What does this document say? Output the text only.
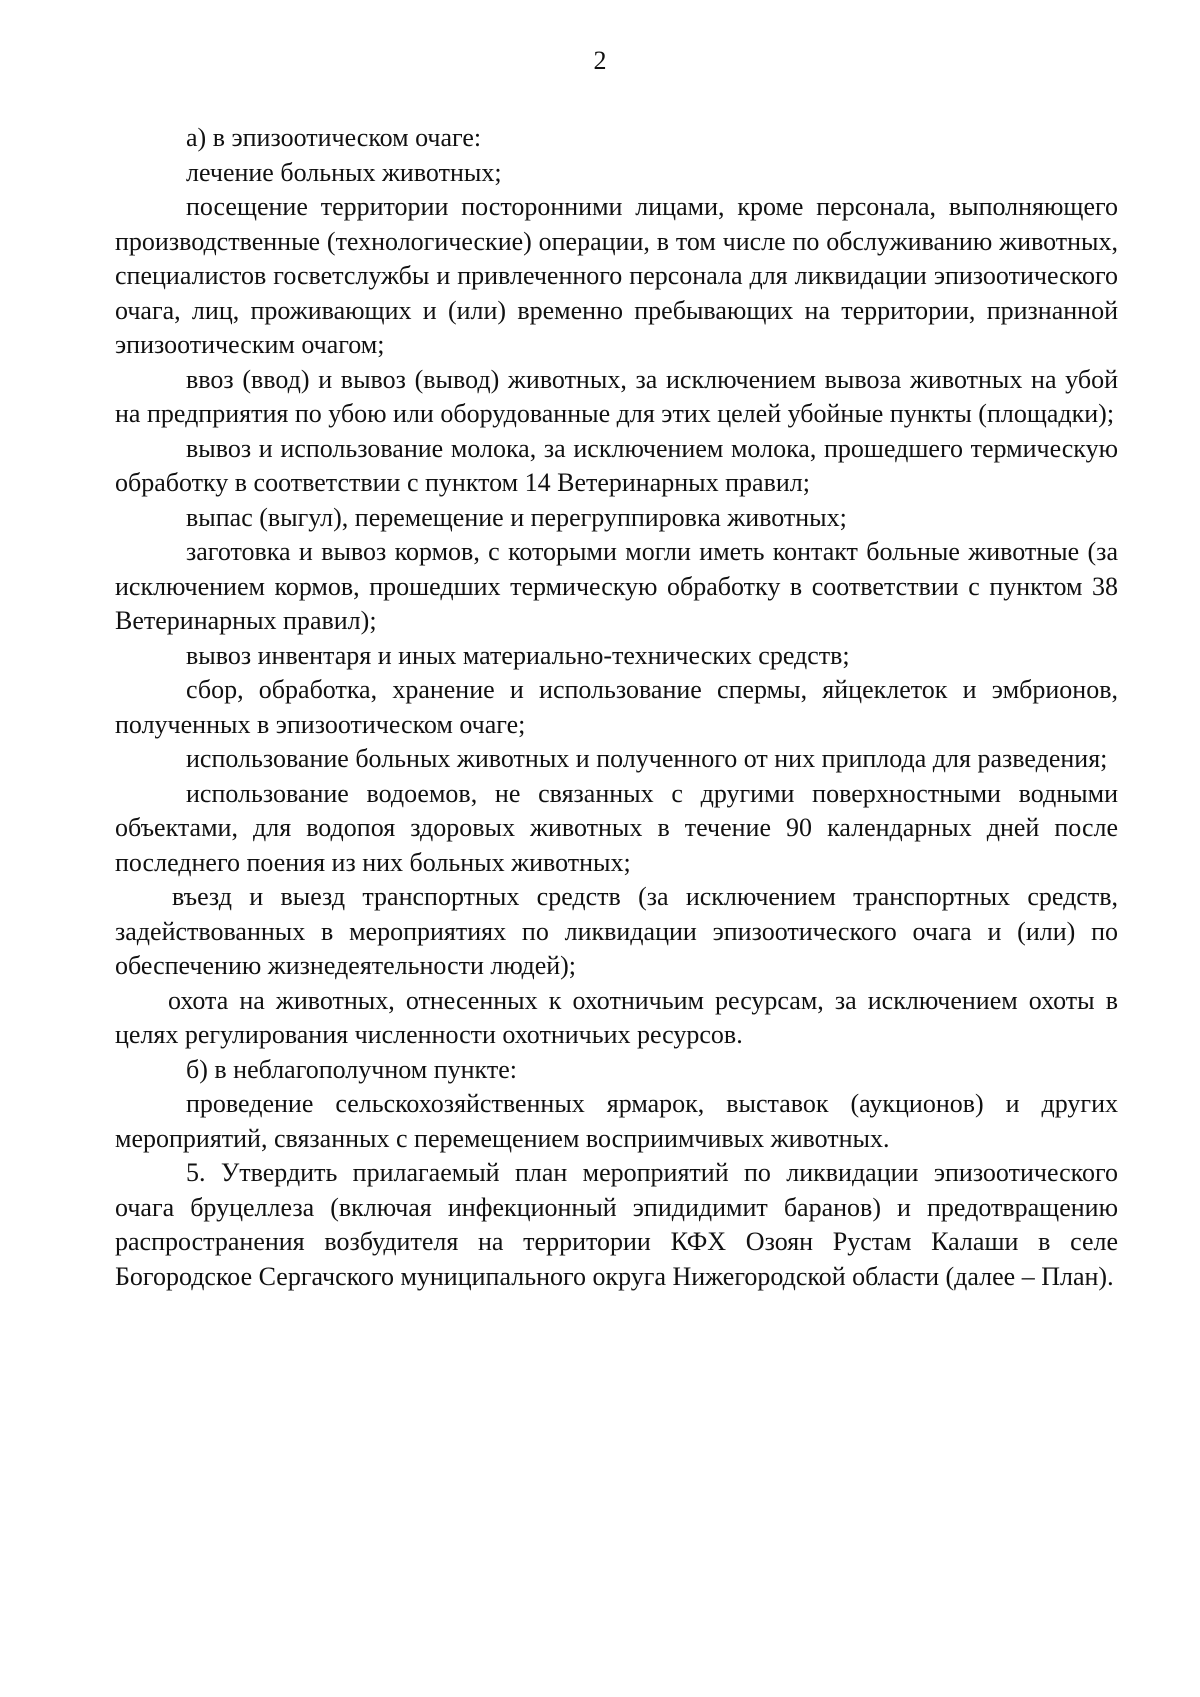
2

а) в эпизоотическом очаге:

лечение больных животных;

посещение территории посторонними лицами, кроме персонала, выполняющего производственные (технологические) операции, в том числе по обслуживанию животных, специалистов госветслужбы и привлеченного персонала для ликвидации эпизоотического очага, лиц, проживающих и (или) временно пребывающих на территории, признанной эпизоотическим очагом;

ввоз (ввод) и вывоз (вывод) животных, за исключением вывоза животных на убой на предприятия по убою или оборудованные для этих целей убойные пункты (площадки);

вывоз и использование молока, за исключением молока, прошедшего термическую обработку в соответствии с пунктом 14 Ветеринарных правил;

выпас (выгул), перемещение и перегруппировка животных;

заготовка и вывоз кормов, с которыми могли иметь контакт больные животные (за исключением кормов, прошедших термическую обработку в соответствии с пунктом 38 Ветеринарных правил);

вывоз инвентаря и иных материально-технических средств;

сбор, обработка, хранение и использование спермы, яйцеклеток и эмбрионов, полученных в эпизоотическом очаге;

использование больных животных и полученного от них приплода для разведения;

использование водоемов, не связанных с другими поверхностными водными объектами, для водопоя здоровых животных в течение 90 календарных дней после последнего поения из них больных животных;

въезд и выезд транспортных средств (за исключением транспортных средств, задействованных в мероприятиях по ликвидации эпизоотического очага и (или) по обеспечению жизнедеятельности людей);

охота на животных, отнесенных к охотничьим ресурсам, за исключением охоты в целях регулирования численности охотничьих ресурсов.

б) в неблагополучном пункте:

проведение сельскохозяйственных ярмарок, выставок (аукционов) и других мероприятий, связанных с перемещением восприимчивых животных.

5. Утвердить прилагаемый план мероприятий по ликвидации эпизоотического очага бруцеллеза (включая инфекционный эпидидимит баранов) и предотвращению распространения возбудителя на территории КФХ Озоян Рустам Калаши в селе Богородское Сергачского муниципального округа Нижегородской области (далее – План).
